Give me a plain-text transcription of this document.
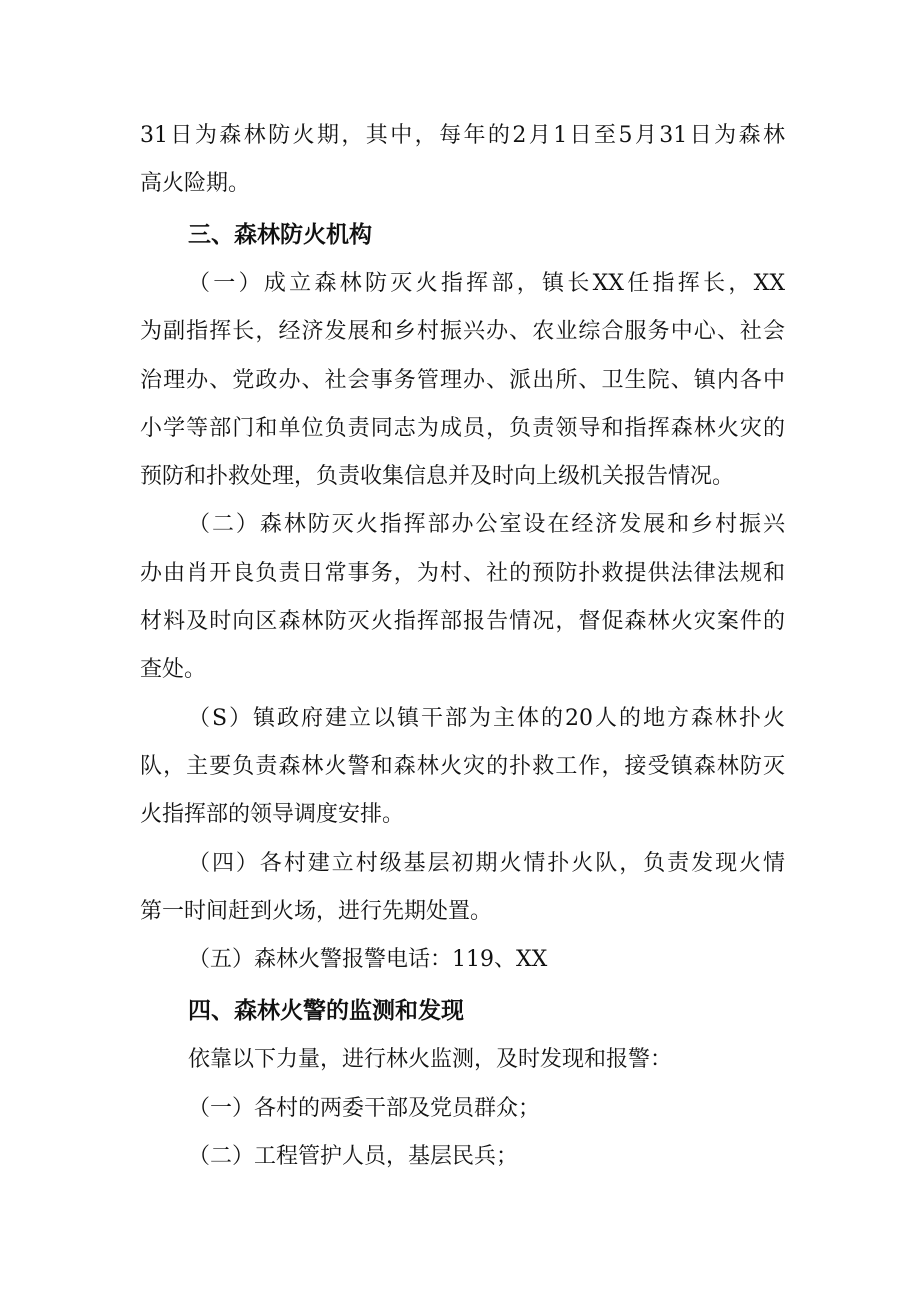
31日为森林防火期，其中，每年的2月1日至5月31日为森林
高火险期。
三、森林防火机构
（一）成立森林防灭火指挥部，镇长XX任指挥长，XX
为副指挥长，经济发展和乡村振兴办、农业综合服务中心、社会
治理办、党政办、社会事务管理办、派出所、卫生院、镇内各中
小学等部门和单位负责同志为成员，负责领导和指挥森林火灾的
预防和扑救处理，负责收集信息并及时向上级机关报告情况。
（二）森林防灭火指挥部办公室设在经济发展和乡村振兴
办由肖开良负责日常事务，为村、社的预防扑救提供法律法规和
材料及时向区森林防灭火指挥部报告情况，督促森林火灾案件的
查处。
（S）镇政府建立以镇干部为主体的20人的地方森林扑火
队，主要负责森林火警和森林火灾的扑救工作，接受镇森林防灭
火指挥部的领导调度安排。
（四）各村建立村级基层初期火情扑火队，负责发现火情
第一时间赶到火场，进行先期处置。
（五）森林火警报警电话：119、XX
四、森林火警的监测和发现
依靠以下力量，进行林火监测，及时发现和报警：
（一）各村的两委干部及党员群众；
（二）工程管护人员，基层民兵；
